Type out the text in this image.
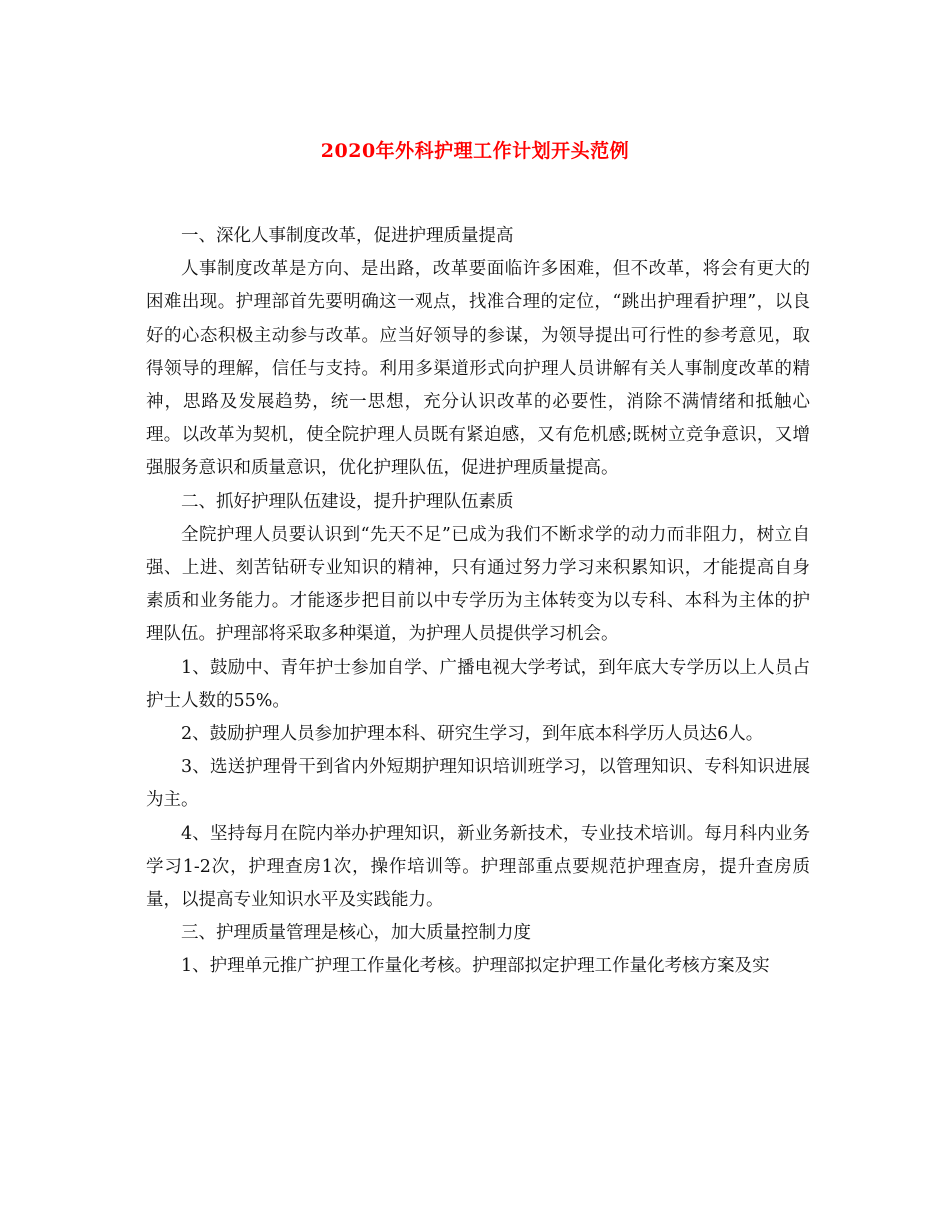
2020年外科护理工作计划开头范例

一、深化人事制度改革，促进护理质量提高

人事制度改革是方向、是出路，改革要面临许多困难，但不改革，将会有更大的困难出现。护理部首先要明确这一观点，找准合理的定位，“跳出护理看护理”，以良好的心态积极主动参与改革。应当好领导的参谋，为领导提出可行性的参考意见，取得领导的理解，信任与支持。利用多渠道形式向护理人员讲解有关人事制度改革的精神，思路及发展趋势，统一思想，充分认识改革的必要性，消除不满情绪和抵触心理。以改革为契机，使全院护理人员既有紧迫感，又有危机感;既树立竞争意识，又增强服务意识和质量意识，优化护理队伍，促进护理质量提高。

二、抓好护理队伍建设，提升护理队伍素质

全院护理人员要认识到“先天不足”已成为我们不断求学的动力而非阻力，树立自强、上进、刻苦钻研专业知识的精神，只有通过努力学习来积累知识，才能提高自身素质和业务能力。才能逐步把目前以中专学历为主体转变为以专科、本科为主体的护理队伍。护理部将采取多种渠道，为护理人员提供学习机会。

1、鼓励中、青年护士参加自学、广播电视大学考试，到年底大专学历以上人员占护士人数的55%。

2、鼓励护理人员参加护理本科、研究生学习，到年底本科学历人员达6人。

3、选送护理骨干到省内外短期护理知识培训班学习，以管理知识、专科知识进展为主。

4、坚持每月在院内举办护理知识，新业务新技术，专业技术培训。每月科内业务学习1-2次，护理查房1次，操作培训等。护理部重点要规范护理查房，提升查房质量，以提高专业知识水平及实践能力。

三、护理质量管理是核心，加大质量控制力度

1、护理单元推广护理工作量化考核。护理部拟定护理工作量化考核方案及实
